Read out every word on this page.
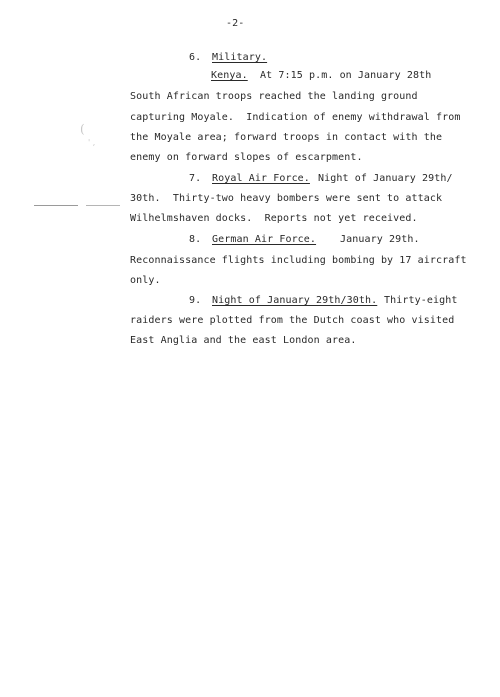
-2-
6. Military.
Kenya. At 7:15 p.m. on January 28th
South African troops reached the landing ground
capturing Moyale.  Indication of enemy withdrawal from
the Moyale area; forward troops in contact with the
enemy on forward slopes of escarpment.
7. Royal Air Force. Night of January 29th/
30th.  Thirty-two heavy bombers were sent to attack
Wilhelmshaven docks.  Reports not yet received.
8. German Air Force. January 29th.
Reconnaissance flights including bombing by 17 aircraft
only.
9. Night of January 29th/30th. Thirty-eight
raiders were plotted from the Dutch coast who visited
East Anglia and the east London area.
(
' ,
